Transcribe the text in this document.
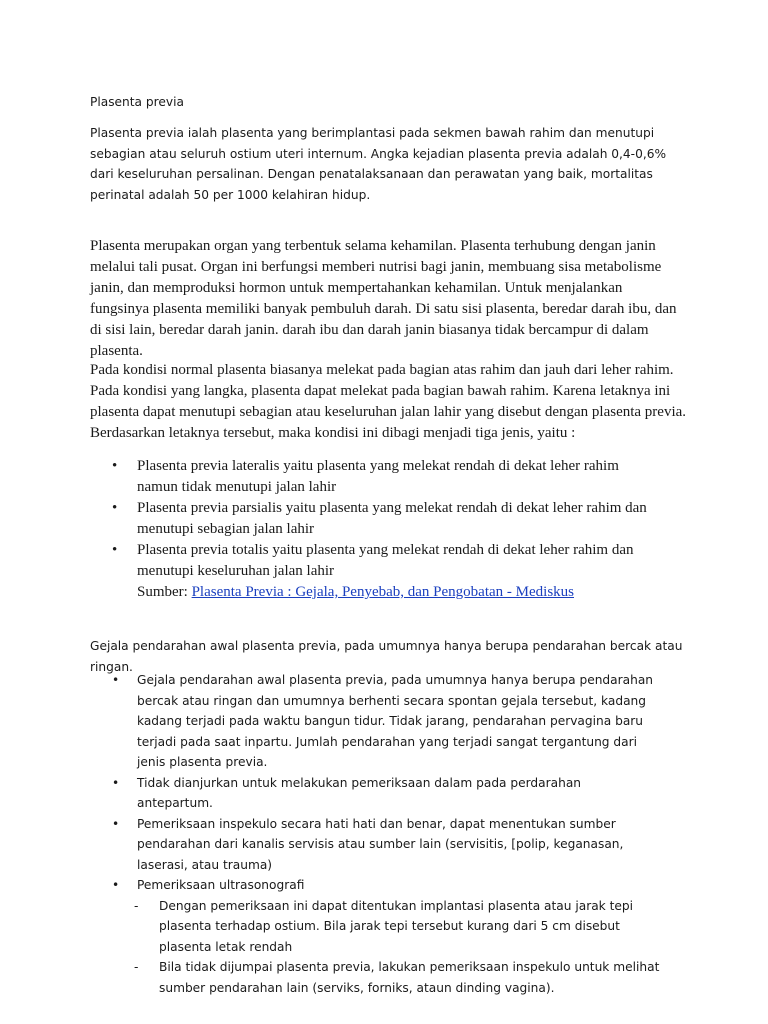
Plasenta previa

Plasenta previa ialah plasenta yang berimplantasi pada sekmen bawah rahim dan menutupi sebagian atau seluruh ostium uteri internum. Angka kejadian plasenta previa adalah 0,4-0,6% dari keseluruhan persalinan. Dengan penatalaksanaan dan perawatan yang baik, mortalitas perinatal adalah 50 per 1000 kelahiran hidup.

Plasenta merupakan organ yang terbentuk selama kehamilan. Plasenta terhubung dengan janin melalui tali pusat. Organ ini berfungsi memberi nutrisi bagi janin, membuang sisa metabolisme janin, dan memproduksi hormon untuk mempertahankan kehamilan. Untuk menjalankan fungsinya plasenta memiliki banyak pembuluh darah. Di satu sisi plasenta, beredar darah ibu, dan di sisi lain, beredar darah janin. darah ibu dan darah janin biasanya tidak bercampur di dalam plasenta.

Pada kondisi normal plasenta biasanya melekat pada bagian atas rahim dan jauh dari leher rahim. Pada kondisi yang langka, plasenta dapat melekat pada bagian bawah rahim. Karena letaknya ini plasenta dapat menutupi sebagian atau keseluruhan jalan lahir yang disebut dengan plasenta previa. Berdasarkan letaknya tersebut, maka kondisi ini dibagi menjadi tiga jenis, yaitu :

• Plasenta previa lateralis yaitu plasenta yang melekat rendah di dekat leher rahim namun tidak menutupi jalan lahir
• Plasenta previa parsialis yaitu plasenta yang melekat rendah di dekat leher rahim dan menutupi sebagian jalan lahir
• Plasenta previa totalis yaitu plasenta yang melekat rendah di dekat leher rahim dan menutupi keseluruhan jalan lahir
Sumber: Plasenta Previa : Gejala, Penyebab, dan Pengobatan - Mediskus

Gejala pendarahan awal plasenta previa, pada umumnya hanya berupa pendarahan bercak atau ringan.

• Gejala pendarahan awal plasenta previa, pada umumnya hanya berupa pendarahan bercak atau ringan dan umumnya berhenti secara spontan gejala tersebut, kadang kadang terjadi pada waktu bangun tidur. Tidak jarang, pendarahan pervagina baru terjadi pada saat inpartu. Jumlah pendarahan yang terjadi sangat tergantung dari jenis plasenta previa.
• Tidak dianjurkan untuk melakukan pemeriksaan dalam pada perdarahan antepartum.
• Pemeriksaan inspekulo secara hati hati dan benar, dapat menentukan sumber pendarahan dari kanalis servisis atau sumber lain (servisitis, [polip, keganasan, laserasi, atau trauma)
• Pemeriksaan ultrasonografi
- Dengan pemeriksaan ini dapat ditentukan implantasi plasenta atau jarak tepi plasenta terhadap ostium. Bila jarak tepi tersebut kurang dari 5 cm disebut plasenta letak rendah
- Bila tidak dijumpai plasenta previa, lakukan pemeriksaan inspekulo untuk melihat sumber pendarahan lain (serviks, forniks, ataun dinding vagina).
